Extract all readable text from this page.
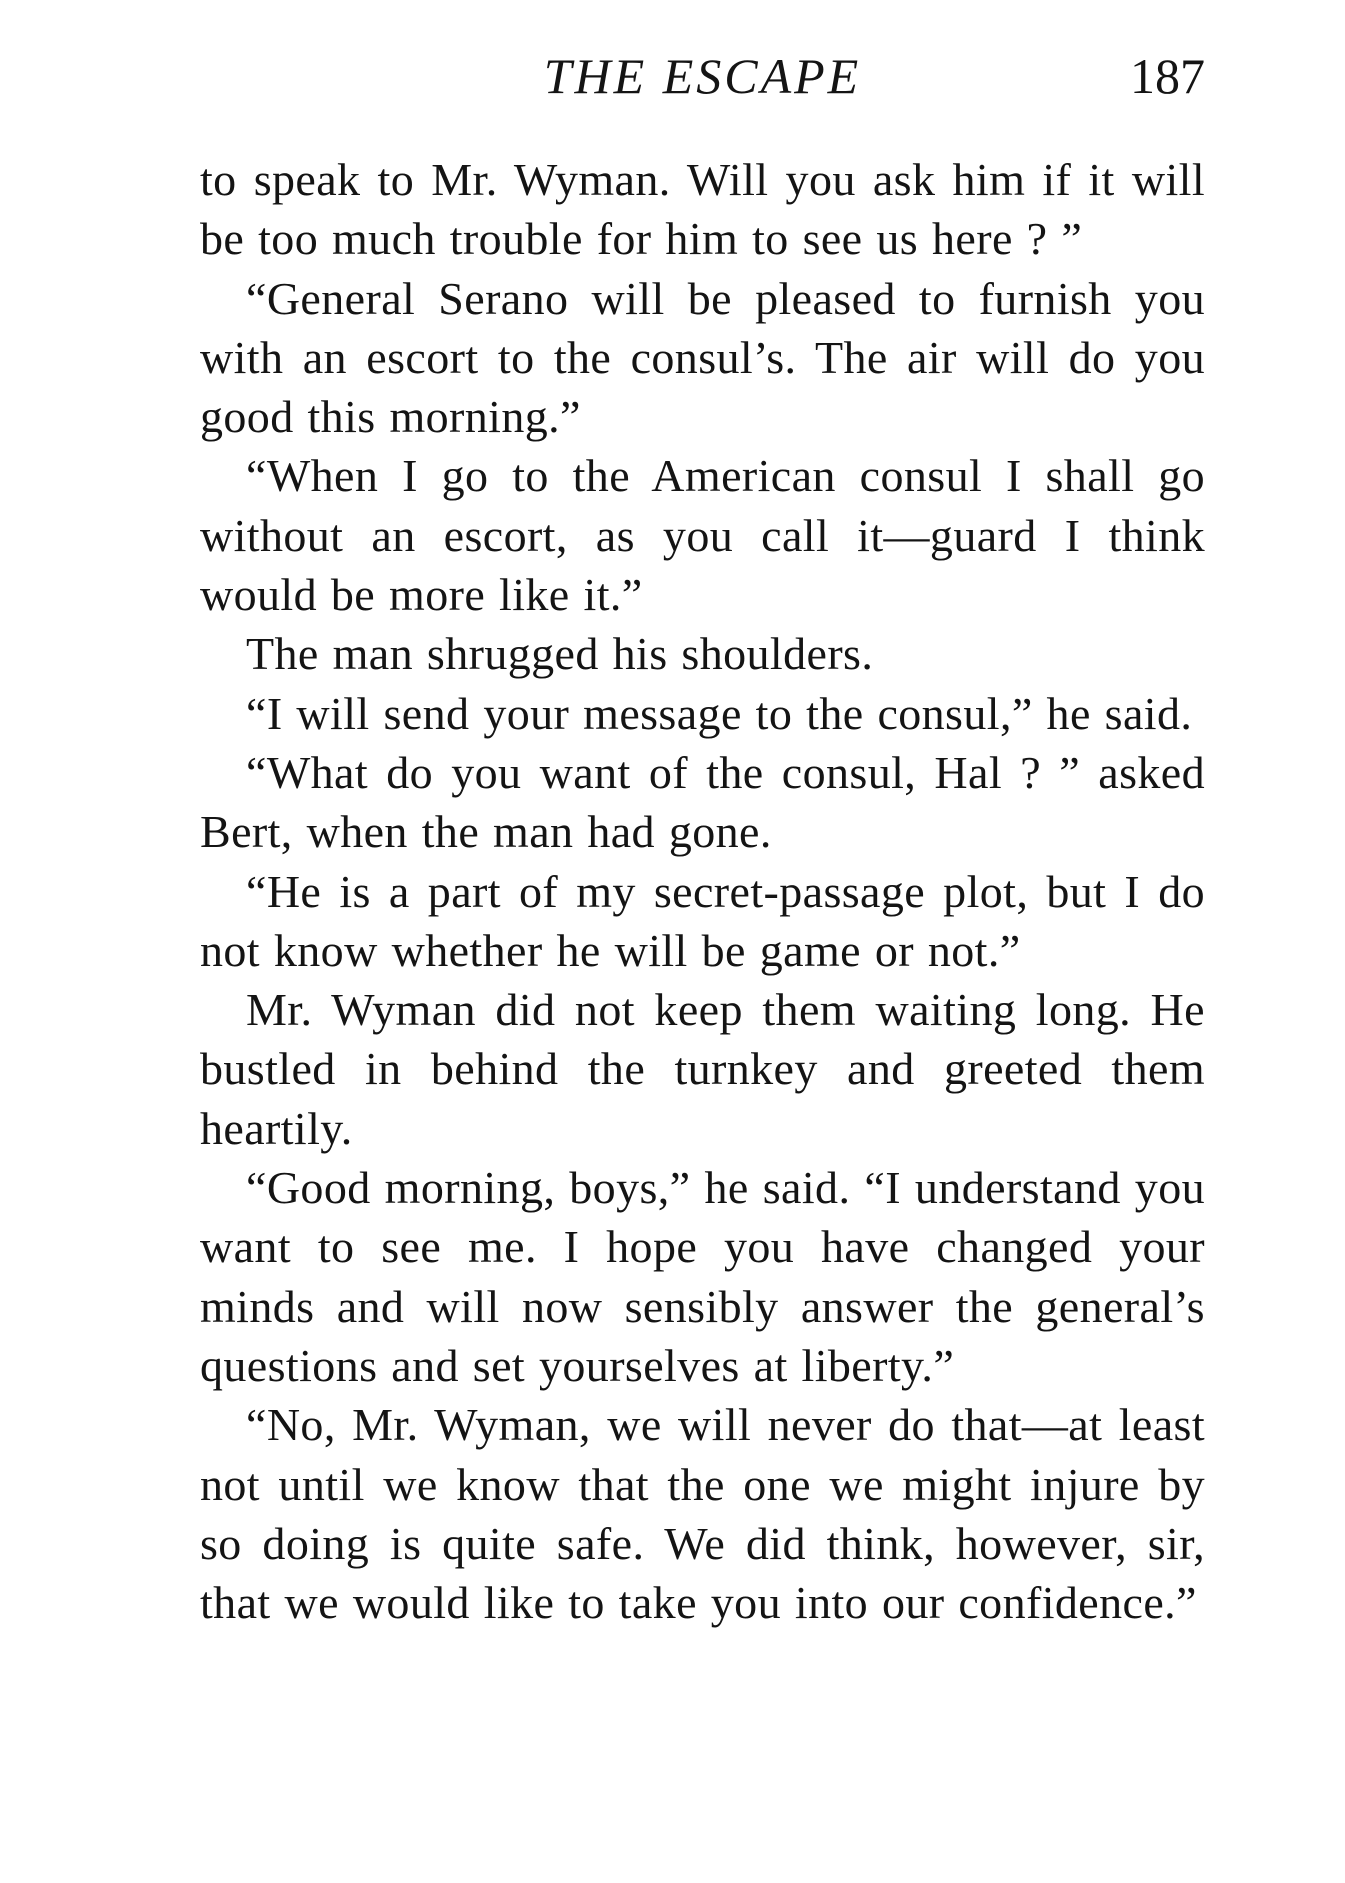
THE ESCAPE	187

to speak to Mr. Wyman. Will you ask him if it will be too much trouble for him to see us here ? ”

“General Serano will be pleased to furnish you with an escort to the consul’s. The air will do you good this morning.”

“When I go to the American consul I shall go without an escort, as you call it—guard I think would be more like it.”

The man shrugged his shoulders.

“I will send your message to the consul,” he said.

“What do you want of the consul, Hal ? ” asked Bert, when the man had gone.

“He is a part of my secret-passage plot, but I do not know whether he will be game or not.”

Mr. Wyman did not keep them waiting long. He bustled in behind the turnkey and greeted them heartily.

“Good morning, boys,” he said. “I understand you want to see me. I hope you have changed your minds and will now sensibly answer the general’s questions and set yourselves at liberty.”

“No, Mr. Wyman, we will never do that—at least not until we know that the one we might injure by so doing is quite safe. We did think, however, sir, that we would like to take you into our confidence.”
